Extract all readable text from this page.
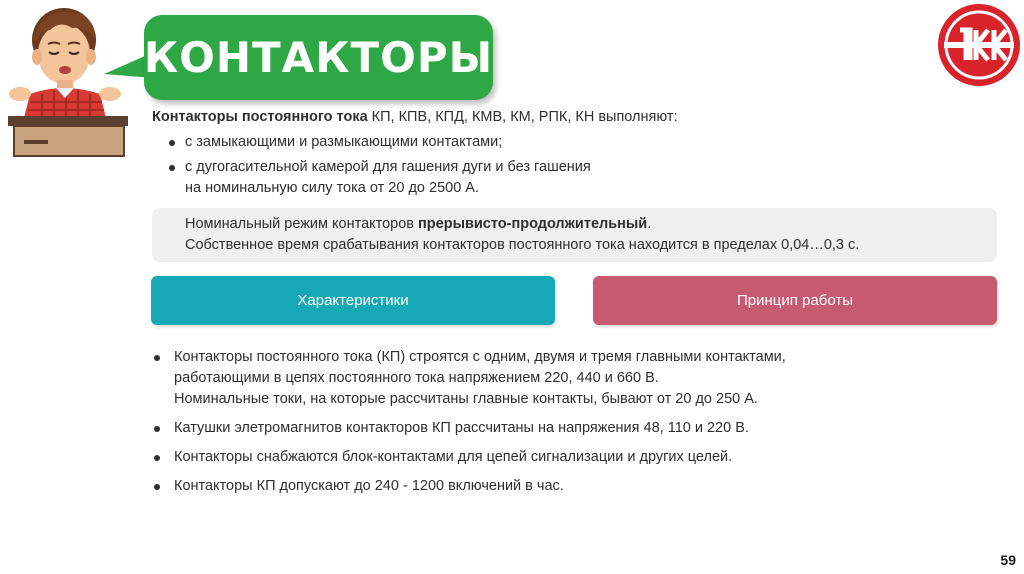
КОНТАКТОРЫ
Контакторы постоянного тока КП, КПВ, КПД, КМВ, КМ, РПК, КН выполняют:
с замыкающими и размыкающими контактами;
с дугогасительной камерой для гашения дуги и без гашения
на номинальную силу тока от 20 до 2500 А.
Номинальный режим контакторов прерывисто-продолжительный.
Собственное время срабатывания контакторов постоянного тока находится в пределах 0,04…0,3 с.
Характеристики	Принцип работы
Контакторы постоянного тока (КП) строятся с одним, двумя и тремя главными контактами,
работающими в цепях постоянного тока напряжением 220, 440 и 660 В.
Номинальные токи, на которые рассчитаны главные контакты, бывают от 20 до 250 А.
Катушки элетромагнитов контакторов КП рассчитаны на напряжения 48, 110 и 220 В.
Контакторы снабжаются блок-контактами для цепей сигнализации и других целей.
Контакторы КП допускают до 240 - 1200 включений в час.
59
